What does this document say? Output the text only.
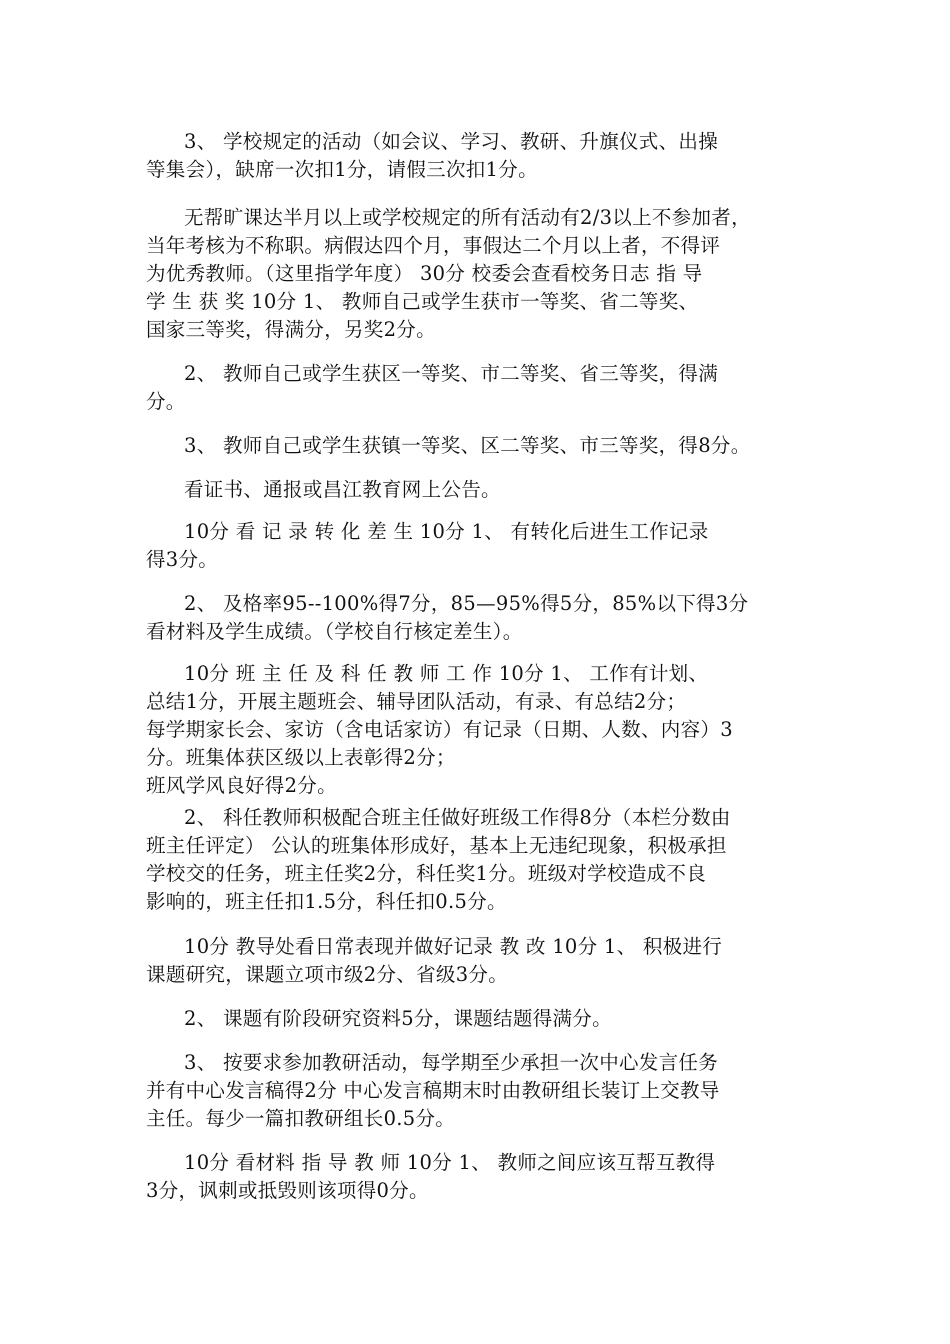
3、 学校规定的活动（如会议、学习、教研、升旗仪式、出操
等集会），缺席一次扣1分，请假三次扣1分。
无帮旷课达半月以上或学校规定的所有活动有2/3以上不参加者，
当年考核为不称职。病假达四个月，事假达二个月以上者，不得评
为优秀教师。（这里指学年度） 30分 校委会查看校务日志 指 导
学 生 获 奖 10分 1、 教师自己或学生获市一等奖、省二等奖、
国家三等奖，得满分，另奖2分。
2、 教师自己或学生获区一等奖、市二等奖、省三等奖，得满
分。
3、 教师自己或学生获镇一等奖、区二等奖、市三等奖，得8分。
看证书、通报或昌江教育网上公告。
10分 看 记 录 转 化 差 生 10分 1、 有转化后进生工作记录
得3分。
2、 及格率95--100%得7分，85—95%得5分，85%以下得3分
看材料及学生成绩。（学校自行核定差生）。
10分 班 主 任 及 科 任 教 师 工 作 10分 1、 工作有计划、
总结1分，开展主题班会、辅导团队活动，有录、有总结2分；
每学期家长会、家访（含电话家访）有记录（日期、人数、内容）3
分。班集体获区级以上表彰得2分；
班风学风良好得2分。
2、 科任教师积极配合班主任做好班级工作得8分（本栏分数由
班主任评定） 公认的班集体形成好，基本上无违纪现象，积极承担
学校交的任务，班主任奖2分，科任奖1分。班级对学校造成不良
影响的，班主任扣1.5分，科任扣0.5分。
10分 教导处看日常表现并做好记录 教 改 10分 1、 积极进行
课题研究，课题立项市级2分、省级3分。
2、 课题有阶段研究资料5分，课题结题得满分。
3、 按要求参加教研活动，每学期至少承担一次中心发言任务
并有中心发言稿得2分 中心发言稿期末时由教研组长装订上交教导
主任。每少一篇扣教研组长0.5分。
10分 看材料 指 导 教 师 10分 1、 教师之间应该互帮互教得
3分，讽刺或抵毁则该项得0分。
